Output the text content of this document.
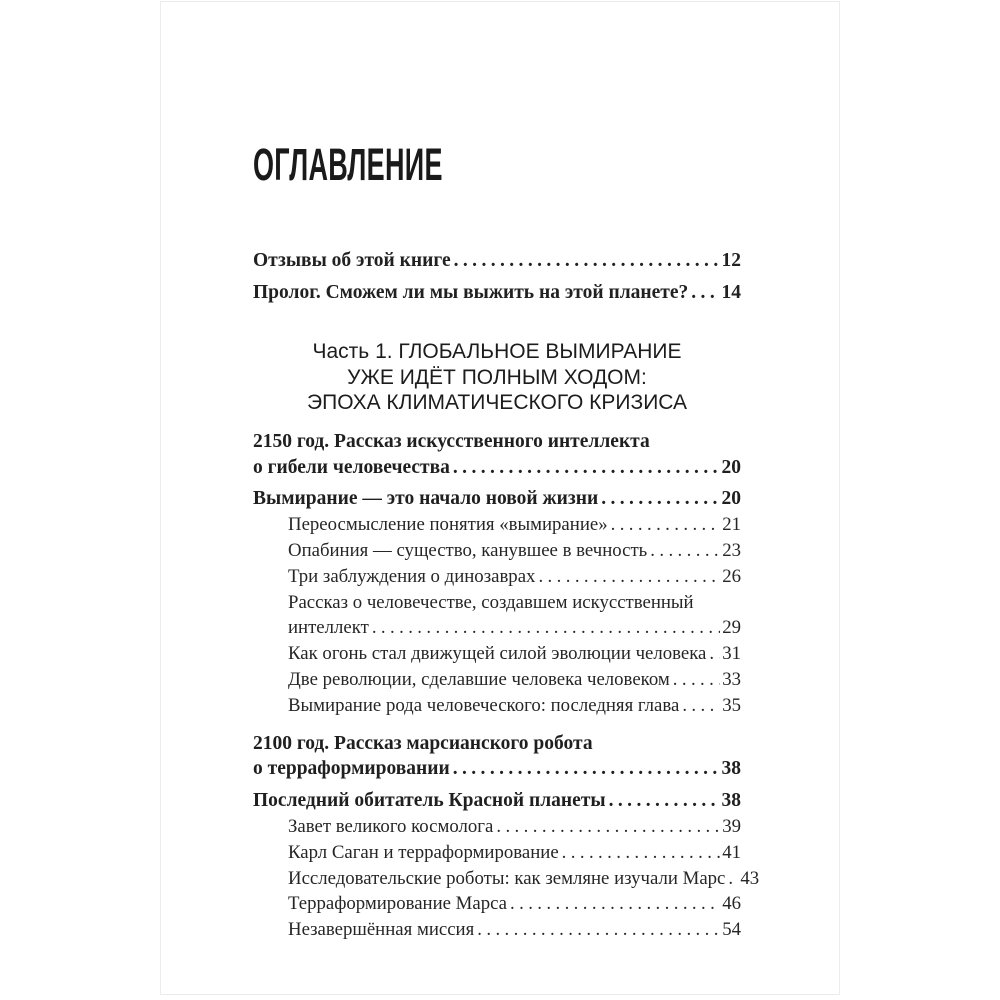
ОГЛАВЛЕНИЕ
Отзывы об этой книге .....	12
Пролог. Сможем ли мы выжить на этой планете? ..... 14
Часть 1. ГЛОБАЛЬНОЕ ВЫМИРАНИЕ
УЖЕ ИДЁТ ПОЛНЫМ ХОДОМ:
ЭПОХА КЛИМАТИЧЕСКОГО КРИЗИСА
2150 год. Рассказ искусственного интеллекта
о гибели человечества .....	20
Вымирание — это начало новой жизни .....	20
Переосмысление понятия «вымирание» .....	21
Опабиния — существо, канувшее в вечность .....	23
Три заблуждения о динозаврах .....	26
Рассказ о человечестве, создавшем искусственный
интеллект .....	29
Как огонь стал движущей силой эволюции человека ..... 31
Две революции, сделавшие человека человеком .....	33
Вымирание рода человеческого: последняя глава ..... 35
2100 год. Рассказ марсианского робота
о терраформировании .....	38
Последний обитатель Красной планеты .....	38
Завет великого космолога .....	39
Карл Саган и терраформирование .....	41
Исследовательские роботы: как земляне изучали Марс ..... 43
Терраформирование Марса .....	46
Незавершённая миссия .....	54
